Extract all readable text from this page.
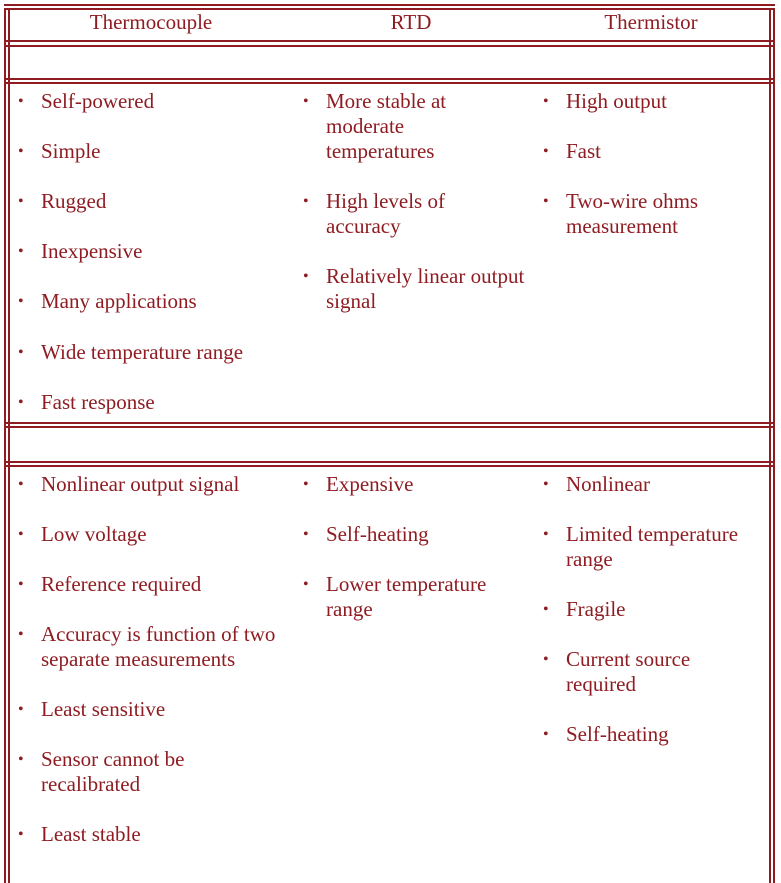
Thermocouple	RTD	Thermistor
• Self-powered
• Simple
• Rugged
• Inexpensive
• Many applications
• Wide temperature range
• Fast response
• More stable at moderate temperatures
• High levels of accuracy
• Relatively linear output signal
• High output
• Fast
• Two-wire ohms measurement
• Nonlinear output signal
• Low voltage
• Reference required
• Accuracy is function of two separate measurements
• Least sensitive
• Sensor cannot be recalibrated
• Least stable
• Expensive
• Self-heating
• Lower temperature range
• Nonlinear
• Limited temperature range
• Fragile
• Current source required
• Self-heating
